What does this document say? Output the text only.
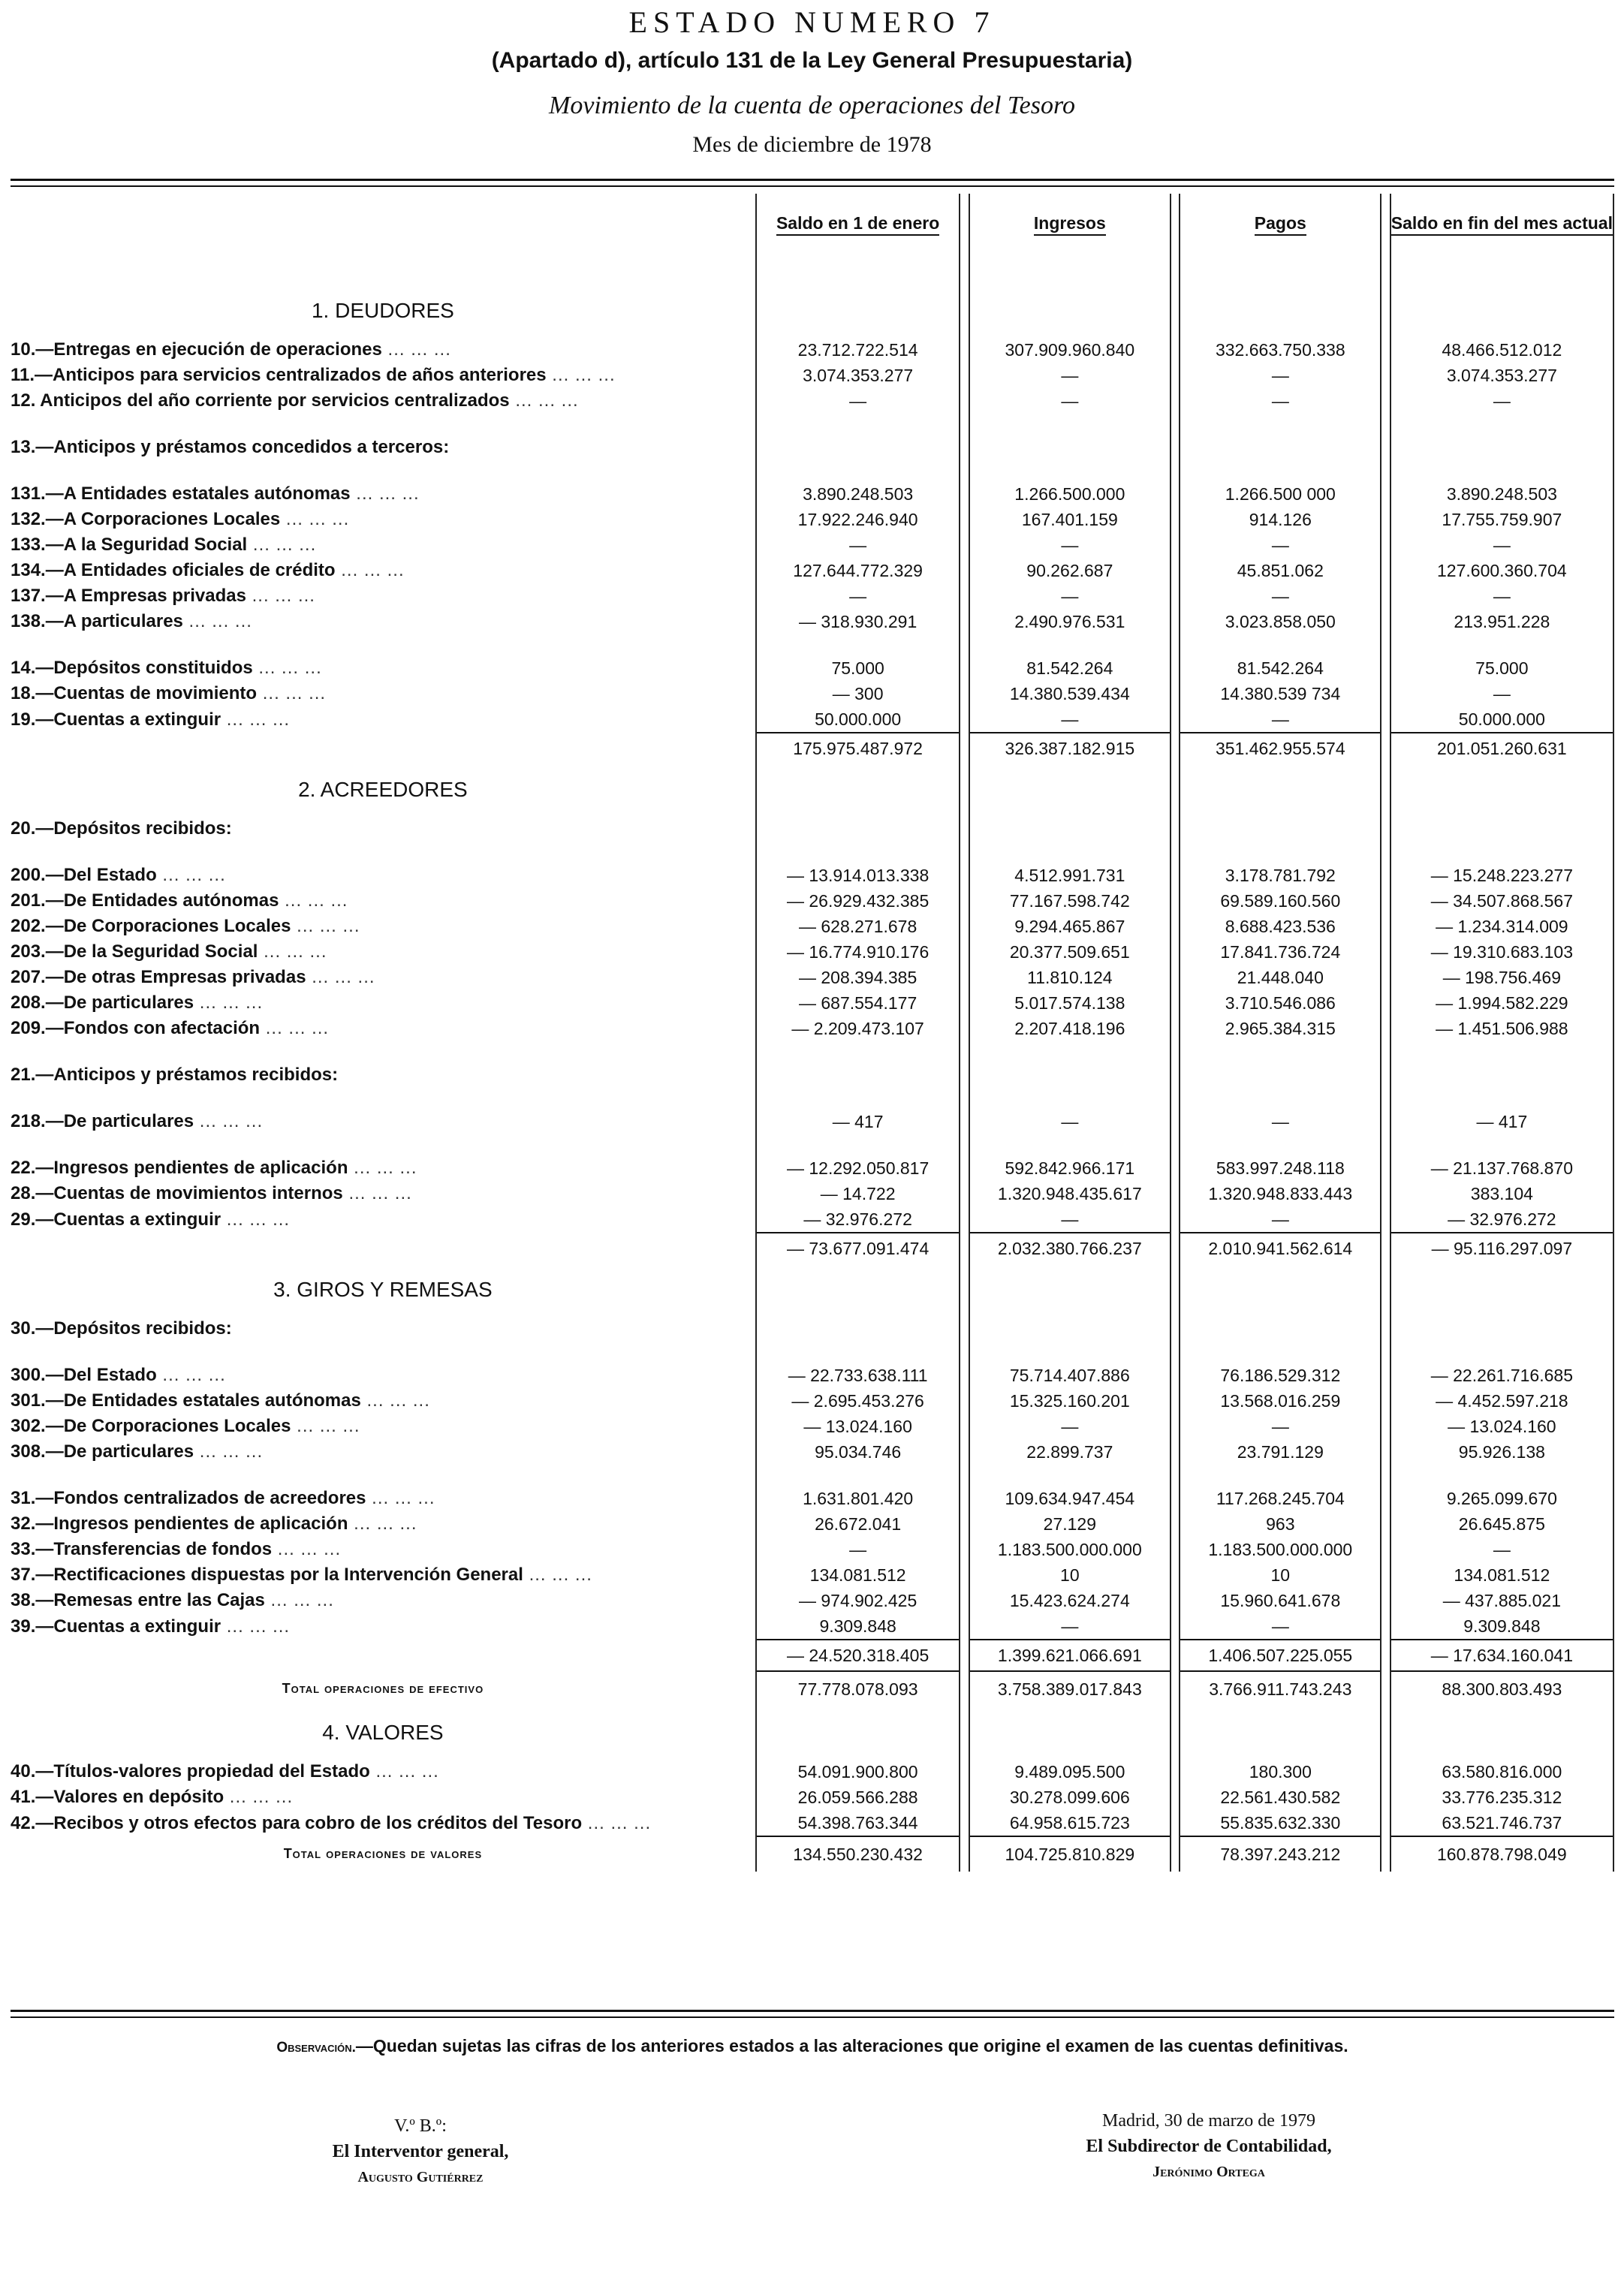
ESTADO NUMERO 7
(Apartado d), artículo 131 de la Ley General Presupuestaria)
Movimiento de la cuenta de operaciones del Tesoro
Mes de diciembre de 1978
	Saldo en 1 de enero		Ingresos		Pagos		Saldo en fin del mes actual
1. DEUDORES							
10.—Entregas en ejecución de operaciones ... ... ...	23.712.722.514		307.909.960.840		332.663.750.338		48.466.512.012
11.—Anticipos para servicios centralizados de años anteriores ... ... ...	3.074.353.277		—		—		3.074.353.277
12. Anticipos del año corriente por servicios centralizados ... ... ...	—		—		—		—

13.—Anticipos y préstamos concedidos a terceros:							

131.—A Entidades estatales autónomas ... ... ...	3.890.248.503		1.266.500.000		1.266.500 000		3.890.248.503
132.—A Corporaciones Locales ... ... ...	17.922.246.940		167.401.159		914.126		17.755.759.907
133.—A la Seguridad Social ... ... ...	—		—		—		—
134.—A Entidades oficiales de crédito ... ... ...	127.644.772.329		90.262.687		45.851.062		127.600.360.704
137.—A Empresas privadas ... ... ...	—		—		—		—
138.—A particulares ... ... ...	— 318.930.291		2.490.976.531		3.023.858.050		213.951.228

14.—Depósitos constituidos ... ... ...	75.000		81.542.264		81.542.264		75.000
18.—Cuentas de movimiento ... ... ...	— 300		14.380.539.434		14.380.539 734		—
19.—Cuentas a extinguir ... ... ...	50.000.000		—		—		50.000.000
	175.975.487.972		326.387.182.915		351.462.955.574		201.051.260.631
2. ACREEDORES							
20.—Depósitos recibidos:							

200.—Del Estado ... ... ...	— 13.914.013.338		4.512.991.731		3.178.781.792		— 15.248.223.277
201.—De Entidades autónomas ... ... ...	— 26.929.432.385		77.167.598.742		69.589.160.560		— 34.507.868.567
202.—De Corporaciones Locales ... ... ...	— 628.271.678		9.294.465.867		8.688.423.536		— 1.234.314.009
203.—De la Seguridad Social ... ... ...	— 16.774.910.176		20.377.509.651		17.841.736.724		— 19.310.683.103
207.—De otras Empresas privadas ... ... ...	— 208.394.385		11.810.124		21.448.040		— 198.756.469
208.—De particulares ... ... ...	— 687.554.177		5.017.574.138		3.710.546.086		— 1.994.582.229
209.—Fondos con afectación ... ... ...	— 2.209.473.107		2.207.418.196		2.965.384.315		— 1.451.506.988

21.—Anticipos y préstamos recibidos:							

218.—De particulares ... ... ...	— 417		—		—		— 417

22.—Ingresos pendientes de aplicación ... ... ...	— 12.292.050.817		592.842.966.171		583.997.248.118		— 21.137.768.870
28.—Cuentas de movimientos internos ... ... ...	— 14.722		1.320.948.435.617		1.320.948.833.443		383.104
29.—Cuentas a extinguir ... ... ...	— 32.976.272		—		—		— 32.976.272
	— 73.677.091.474		2.032.380.766.237		2.010.941.562.614		— 95.116.297.097
3. GIROS Y REMESAS							
30.—Depósitos recibidos:							

300.—Del Estado ... ... ...	— 22.733.638.111		75.714.407.886		76.186.529.312		— 22.261.716.685
301.—De Entidades estatales autónomas ... ... ...	— 2.695.453.276		15.325.160.201		13.568.016.259		— 4.452.597.218
302.—De Corporaciones Locales ... ... ...	— 13.024.160		—		—		— 13.024.160
308.—De particulares ... ... ...	95.034.746		22.899.737		23.791.129		95.926.138

31.—Fondos centralizados de acreedores ... ... ...	1.631.801.420		109.634.947.454		117.268.245.704		9.265.099.670
32.—Ingresos pendientes de aplicación ... ... ...	26.672.041		27.129		963		26.645.875
33.—Transferencias de fondos ... ... ...	—		1.183.500.000.000		1.183.500.000.000		—
37.—Rectificaciones dispuestas por la Intervención General ... ... ...	134.081.512		10		10		134.081.512
38.—Remesas entre las Cajas ... ... ...	— 974.902.425		15.423.624.274		15.960.641.678		— 437.885.021
39.—Cuentas a extinguir ... ... ...	9.309.848		—		—		9.309.848
	— 24.520.318.405		1.399.621.066.691		1.406.507.225.055		— 17.634.160.041
Total operaciones de efectivo	77.778.078.093		3.758.389.017.843		3.766.911.743.243		88.300.803.493
4. VALORES							
40.—Títulos-valores propiedad del Estado ... ... ...	54.091.900.800		9.489.095.500		180.300		63.580.816.000
41.—Valores en depósito ... ... ...	26.059.566.288		30.278.099.606		22.561.430.582		33.776.235.312
42.—Recibos y otros efectos para cobro de los créditos del Tesoro ... ... ...	54.398.763.344		64.958.615.723		55.835.632.330		63.521.746.737
Total operaciones de valores	134.550.230.432		104.725.810.829		78.397.243.212		160.878.798.049
Observación.—Quedan sujetas las cifras de los anteriores estados a las alteraciones que origine el examen de las cuentas definitivas.
V.º B.º:
El Interventor general,
Augusto Gutiérrez
Madrid, 30 de marzo de 1979
El Subdirector de Contabilidad,
Jerónimo Ortega
